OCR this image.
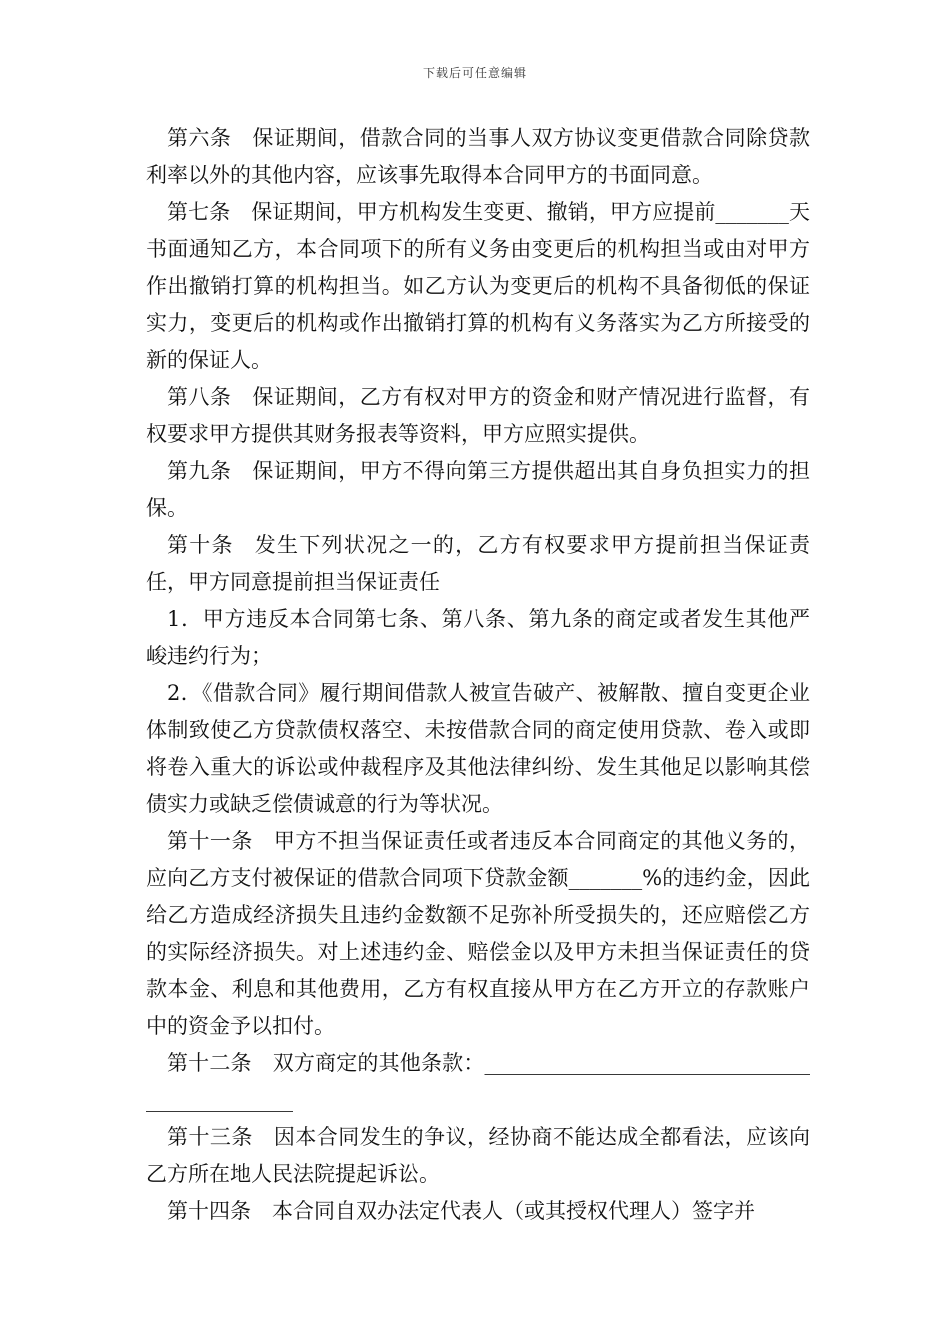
下载后可任意编辑

第六条 保证期间，借款合同的当事人双方协议变更借款合同除贷款利率以外的其他内容，应该事先取得本合同甲方的书面同意。

第七条 保证期间，甲方机构发生变更、撤销，甲方应提前_______天书面通知乙方，本合同项下的所有义务由变更后的机构担当或由对甲方作出撤销打算的机构担当。如乙方认为变更后的机构不具备彻低的保证实力，变更后的机构或作出撤销打算的机构有义务落实为乙方所接受的新的保证人。

第八条 保证期间，乙方有权对甲方的资金和财产情况进行监督，有权要求甲方提供其财务报表等资料，甲方应照实提供。

第九条 保证期间，甲方不得向第三方提供超出其自身负担实力的担保。

第十条 发生下列状况之一的，乙方有权要求甲方提前担当保证责任，甲方同意提前担当保证责任

1．甲方违反本合同第七条、第八条、第九条的商定或者发生其他严峻违约行为；

2．《借款合同》履行期间借款人被宣告破产、被解散、擅自变更企业体制致使乙方贷款债权落空、未按借款合同的商定使用贷款、卷入或即将卷入重大的诉讼或仲裁程序及其他法律纠纷、发生其他足以影响其偿债实力或缺乏偿债诚意的行为等状况。

第十一条 甲方不担当保证责任或者违反本合同商定的其他义务的，应向乙方支付被保证的借款合同项下贷款金额_______%的违约金，因此给乙方造成经济损失且违约金数额不足弥补所受损失的，还应赔偿乙方的实际经济损失。对上述违约金、赔偿金以及甲方未担当保证责任的贷款本金、利息和其他费用，乙方有权直接从甲方在乙方开立的存款账户中的资金予以扣付。

第十二条 双方商定的其他条款：_____________________________________________

第十三条 因本合同发生的争议，经协商不能达成全都看法，应该向乙方所在地人民法院提起诉讼。

第十四条 本合同自双办法定代表人（或其授权代理人）签字并
